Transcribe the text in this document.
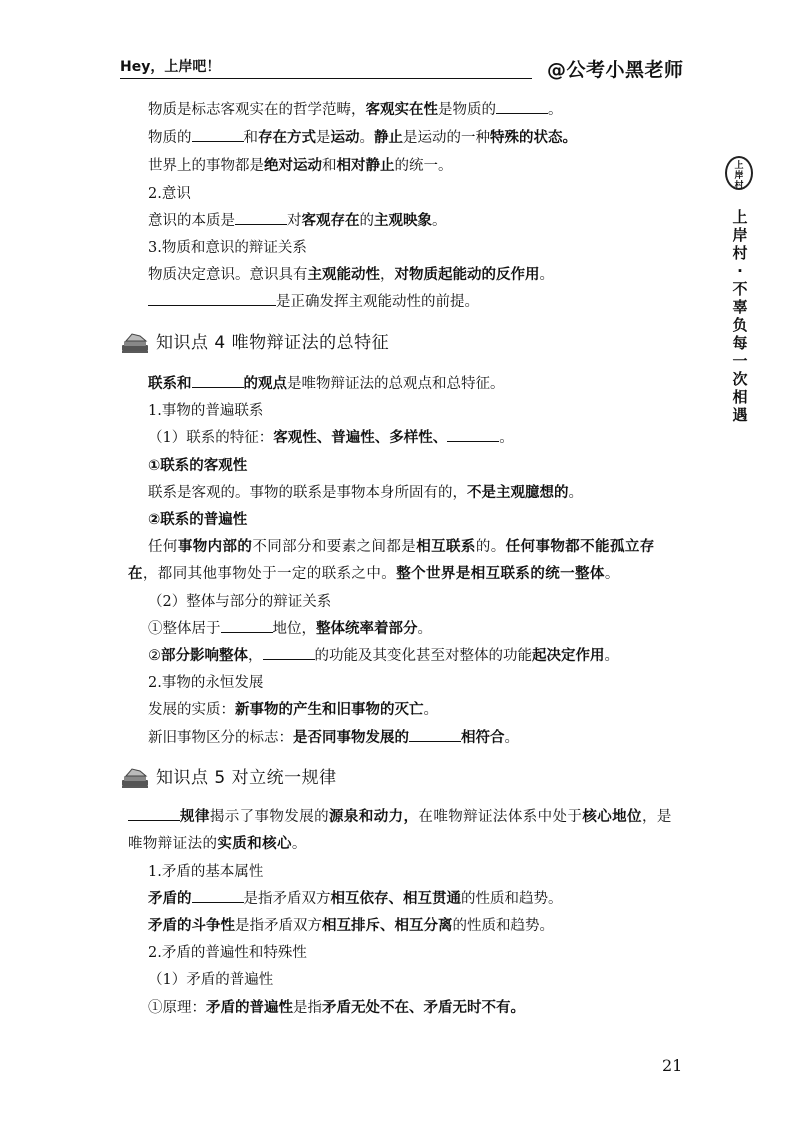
Hey，上岸吧！	@公考小黑老师
上
岸
村
上
岸
村
·
不
辜
负
每
一
次
相
遇
物质是标志客观实在的哲学范畴，客观实在性是物质的	。
物质的	和存在方式是运动。静止是运动的一种特殊的状态。
世界上的事物都是绝对运动和相对静止的统一。
2.意识
意识的本质是	对客观存在的主观映象。
3.物质和意识的辩证关系
物质决定意识。意识具有主观能动性，对物质起能动的反作用。
是正确发挥主观能动性的前提。
知识点 4 唯物辩证法的总特征
联系和	的观点是唯物辩证法的总观点和总特征。
1.事物的普遍联系
（1）联系的特征：客观性、普遍性、多样性、	。
①联系的客观性
联系是客观的。事物的联系是事物本身所固有的，不是主观臆想的。
②联系的普遍性
任何事物内部的不同部分和要素之间都是相互联系的。任何事物都不能孤立存在，都同其他事物处于一定的联系之中。整个世界是相互联系的统一整体。
（2）整体与部分的辩证关系
①整体居于	地位，整体统率着部分。
②部分影响整体，	的功能及其变化甚至对整体的功能起决定作用。
2.事物的永恒发展
发展的实质：新事物的产生和旧事物的灭亡。
新旧事物区分的标志：是否同事物发展的	相符合。
知识点 5 对立统一规律
规律揭示了事物发展的源泉和动力，在唯物辩证法体系中处于核心地位，是唯物辩证法的实质和核心。
1.矛盾的基本属性
矛盾的	是指矛盾双方相互依存、相互贯通的性质和趋势。
矛盾的斗争性是指矛盾双方相互排斥、相互分离的性质和趋势。
2.矛盾的普遍性和特殊性
（1）矛盾的普遍性
①原理：矛盾的普遍性是指矛盾无处不在、矛盾无时不有。
21
